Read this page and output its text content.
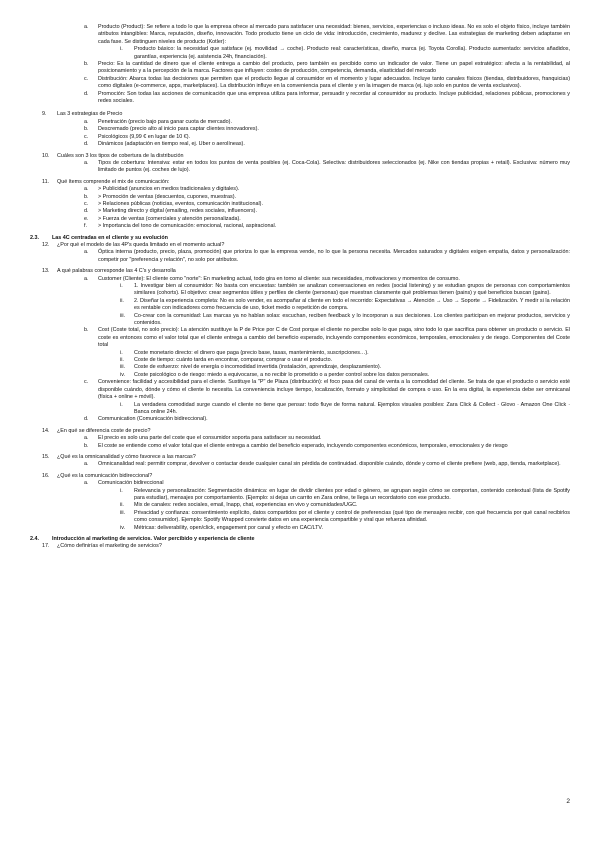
a.	Producto (Product): Se refiere a todo lo que la empresa ofrece al mercado para satisfacer una necesidad: bienes, servicios, experiencias o incluso ideas. No es solo el objeto físico, incluye también atributos intangibles: Marca, reputación, diseño, innovación. Todo producto tiene un ciclo de vida: introducción, crecimiento, madurez y declive. Las estrategias de marketing deben adaptarse en cada fase. Se distinguen niveles de producto (Kotler):
i.	Producto básico: la necesidad que satisface (ej. movilidad → coche). Producto real: características, diseño, marca (ej. Toyota Corolla). Producto aumentado: servicios añadidos, garantías, experiencia (ej. asistencia 24h, financiación).
b.	Precio: Es la cantidad de dinero que el cliente entrega a cambio del producto, pero también es percibido como un indicador de valor. Tiene un papel estratégico: afecta a la rentabilidad, al posicionamiento y a la percepción de la marca. Factores que influyen: costes de producción, competencia, demanda, elasticidad del mercado
c.	Distribución: Abarca todas las decisiones que permiten que el producto llegue al consumidor en el momento y lugar adecuados. Incluye tanto canales físicos (tiendas, distribuidores, franquicias) como digitales (e-commerce, apps, marketplaces). La distribución influye en la conveniencia para el cliente y en la imagen de marca (ej. lujo solo en puntos de venta exclusivos).
d.	Promoción: Son todas las acciones de comunicación que una empresa utiliza para informar, persuadir y recordar al consumidor su producto. Incluye publicidad, relaciones públicas, promociones y redes sociales.
9.	Las 3 estrategias de Precio
a.	Penetración (precio bajo para ganar cuota de mercado).
b.	Descremado (precio alto al inicio para captar clientes innovadores).
c.	Psicológicos (9,99 € en lugar de 10 €).
d.	Dinámicos (adaptación en tiempo real, ej. Uber o aerolíneas).
10.	Cuáles son 3 los tipos de cobertura de la distribución
a.	Tipos de cobertura: Intensiva: estar en todos los puntos de venta posibles (ej. Coca-Cola). Selectiva: distribuidores seleccionados (ej. Nike con tiendas propias + retail). Exclusiva: número muy limitado de puntos (ej. coches de lujo).
11.	Qué ítems comprende el mix de comunicación:
a.	> Publicidad (anuncios en medios tradicionales y digitales).
b.	> Promoción de ventas (descuentos, cupones, muestras).
c.	> Relaciones públicas (noticias, eventos, comunicación institucional).
d.	> Marketing directo y digital (emailing, redes sociales, influencers).
e.	> Fuerza de ventas (comerciales y atención personalizada).
f.	> Importancia del tono de comunicación: emocional, racional, aspiracional.
2.3.	Las 4C centradas en el cliente y su evolución
12.	¿Por qué el modelo de las 4P's queda limitado en el momento actual?
a.	Óptica interna (producto, precio, plaza, promoción) que prioriza lo que la empresa vende, no lo que la persona necesita. Mercados saturados y digitales exigen empatía, datos y personalización: competir por "preferencia y relación", no solo por atributos.
13.	A qué palabras corresponde las 4 C's y desarrolla
a.	Customer (Cliente): El cliente como "norte": En marketing actual, todo gira en torno al cliente: sus necesidades, motivaciones y momentos de consumo.
i.	1. Investigar bien al consumidor: No basta con encuestas: también se analizan conversaciones en redes (social listening) y se estudian grupos de personas con comportamientos similares (cohorts). El objetivo: crear segmentos útiles y perfiles de cliente (personas) que muestran claramente qué problemas tienen (pains) y qué beneficios buscan (gains).
ii.	2. Diseñar la experiencia completa: No es solo vender, es acompañar al cliente en todo el recorrido: Expectativas → Atención → Uso → Soporte → Fidelización. Y medir si la relación es rentable con indicadores como frecuencia de uso, ticket medio o repetición de compra.
iii.	Co-crear con la comunidad: Las marcas ya no hablan solas: escuchan, reciben feedback y lo incorporan a sus decisiones. Los clientes participan en mejorar productos, servicios y contenidos.
b.	Cost (Coste total, no solo precio): La atención sustituye la P de Price por C de Cost porque el cliente no percibe solo lo que paga, sino todo lo que sacrifica para obtener un producto o servicio. El coste es entonces como el valor total que el cliente entrega a cambio del beneficio esperado, incluyendo componentes económicos, temporales, emocionales y de riesgo. Componentes del Coste total
i.	Coste monetario directo: el dinero que paga (precio base, tasas, mantenimiento, suscripciones…).
ii.	Coste de tiempo: cuánto tarda en encontrar, comparar, comprar o usar el producto.
iii.	Coste de esfuerzo: nivel de energía o incomodidad invertida (instalación, aprendizaje, desplazamiento).
iv.	Coste psicológico o de riesgo: miedo a equivocarse, a no recibir lo prometido o a perder control sobre los datos personales.
c.	Convenience: facilidad y accesibilidad para el cliente. Sustituye la "P" de Plaza (distribución): el foco pasa del canal de venta a la comodidad del cliente. Se trata de que el producto o servicio esté disponible cuándo, dónde y cómo el cliente lo necesita. La conveniencia incluye tiempo, localización, formato y simplicidad de compra o uso. En la era digital, la experiencia debe ser omnicanal (física + online + móvil).
i.	La verdadera comodidad surge cuando el cliente no tiene que pensar: todo fluye de forma natural. Ejemplos visuales posibles: Zara Click & Collect · Glovo · Amazon One Click · Banca online 24h.
d.	Communication (Comunicación bidireccional).
14.	¿En qué se diferencia coste de precio?
a.	El precio es solo una parte del coste que el consumidor soporta para satisfacer su necesidad.
b.	El coste se entiende como el valor total que el cliente entrega a cambio del beneficio esperado, incluyendo componentes económicos, temporales, emocionales y de riesgo
15.	¿Qué es la omnicanalidad y cómo favorece a las marcas?
a.	Omnicanalidad real: permitir comprar, devolver o contactar desde cualquier canal sin pérdida de continuidad. disponible cuándo, dónde y como el cliente prefiere (web, app, tienda, marketplace).
16.	¿Qué es la comunicación bidireccional?
a.	Comunicación bidireccional
i.	Relevancia y personalización: Segmentación dinámica: en lugar de dividir clientes por edad o género, se agrupan según cómo se comportan, contenido contextual (lista de Spotify para estudiar), mensajes por comportamiento. (Ejemplo: si dejas un carrito en Zara online, te llega un recordatorio con ese producto.
ii.	Mix de canales: redes sociales, email, Inapp, chat, experiencias en vivo y comunidades/UGC.
iii.	Privacidad y confianza: consentimiento explícito, datos compartidos por el cliente y control de preferencias (qué tipo de mensajes recibir, con qué frecuencia por qué canal recibirlos como consumidor). Ejemplo: Spotify Wrapped convierte datos en una experiencia compartible y viral que refuerza afinidad.
iv.	Métricas: deliverability, open/click, engagement por canal y efecto en CAC/LTV.
2.4.	Introducción al marketing de servicios. Valor percibido y experiencia de cliente
17.	¿Cómo definirías el marketing de servicios?
2
